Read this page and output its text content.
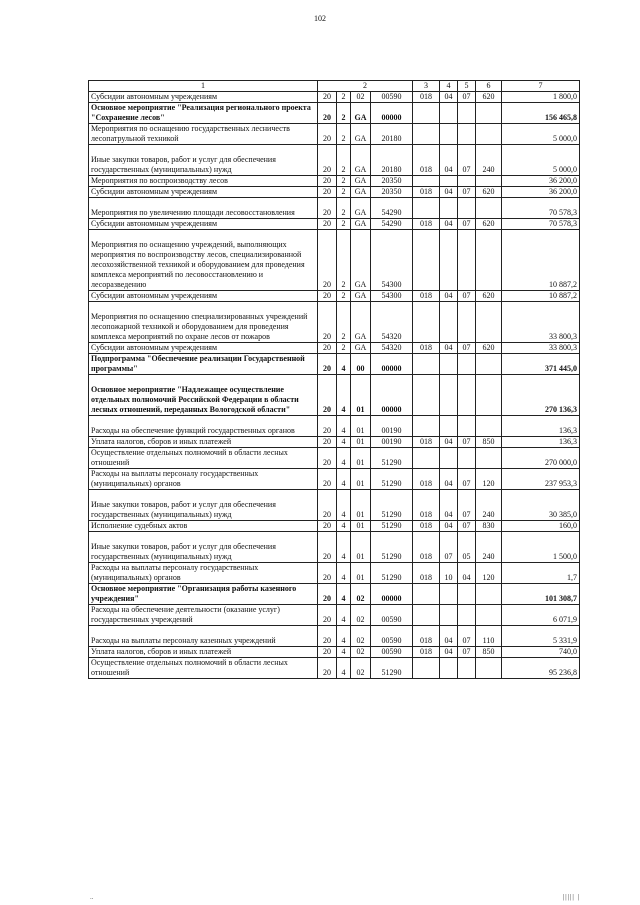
102
1	2				3	4	5	6	7
Субсидии автономным учреждениям	20	2	02	00590	018	04	07	620	1 800,0
Основное мероприятие "Реализация регионального проекта "Сохранение лесов"	20	2	GA	00000					156 465,8
Мероприятия по оснащению государственных лесничеств лесопатрульной техникой	20	2	GA	20180					5 000,0
Иные закупки товаров, работ и услуг для обеспечения государственных (муниципальных) нужд	20	2	GA	20180	018	04	07	240	5 000,0
Мероприятия по воспроизводству лесов	20	2	GA	20350					36 200,0
Субсидии автономным учреждениям	20	2	GA	20350	018	04	07	620	36 200,0
Мероприятия по увеличению площади лесовосстановления	20	2	GA	54290					70 578,3
Субсидии автономным учреждениям	20	2	GA	54290	018	04	07	620	70 578,3
Мероприятия по оснащению учреждений, выполняющих мероприятия по воспроизводству лесов, специализированной лесохозяйственной техникой и оборудованием для проведения комплекса мероприятий по лесовосстановлению и лесоразведению	20	2	GA	54300					10 887,2
Субсидии автономным учреждениям	20	2	GA	54300	018	04	07	620	10 887,2
Мероприятия по оснащению специализированных учреждений лесопожарной техникой и оборудованием для проведения комплекса мероприятий по охране лесов от пожаров	20	2	GA	54320					33 800,3
Субсидии автономным учреждениям	20	2	GA	54320	018	04	07	620	33 800,3
Подпрограмма "Обеспечение реализации Государственной программы"	20	4	00	00000					371 445,0
Основное мероприятие "Надлежащее осуществление отдельных полномочий Российской Федерации в области лесных отношений, переданных Вологодской области"	20	4	01	00000					270 136,3
Расходы на обеспечение функций государственных органов	20	4	01	00190					136,3
Уплата налогов, сборов и иных платежей	20	4	01	00190	018	04	07	850	136,3
Осуществление отдельных полномочий в области лесных отношений	20	4	01	51290					270 000,0
Расходы на выплаты персоналу государственных (муниципальных) органов	20	4	01	51290	018	04	07	120	237 953,3
Иные закупки товаров, работ и услуг для обеспечения государственных (муниципальных) нужд	20	4	01	51290	018	04	07	240	30 385,0
Исполнение судебных актов	20	4	01	51290	018	04	07	830	160,0
Иные закупки товаров, работ и услуг для обеспечения государственных (муниципальных) нужд	20	4	01	51290	018	07	05	240	1 500,0
Расходы на выплаты персоналу государственных (муниципальных) органов	20	4	01	51290	018	10	04	120	1,7
Основное мероприятие "Организация работы казенного учреждения"	20	4	02	00000					101 308,7
Расходы на обеспечение деятельности (оказание услуг) государственных учреждений	20	4	02	00590					6 071,9
Расходы на выплаты персоналу казенных учреждений	20	4	02	00590	018	04	07	110	5 331,9
Уплата налогов, сборов и иных платежей	20	4	02	00590	018	04	07	850	740,0
Осуществление отдельных полномочий в области лесных отношений	20	4	02	51290					95 236,8
..	||||| |
